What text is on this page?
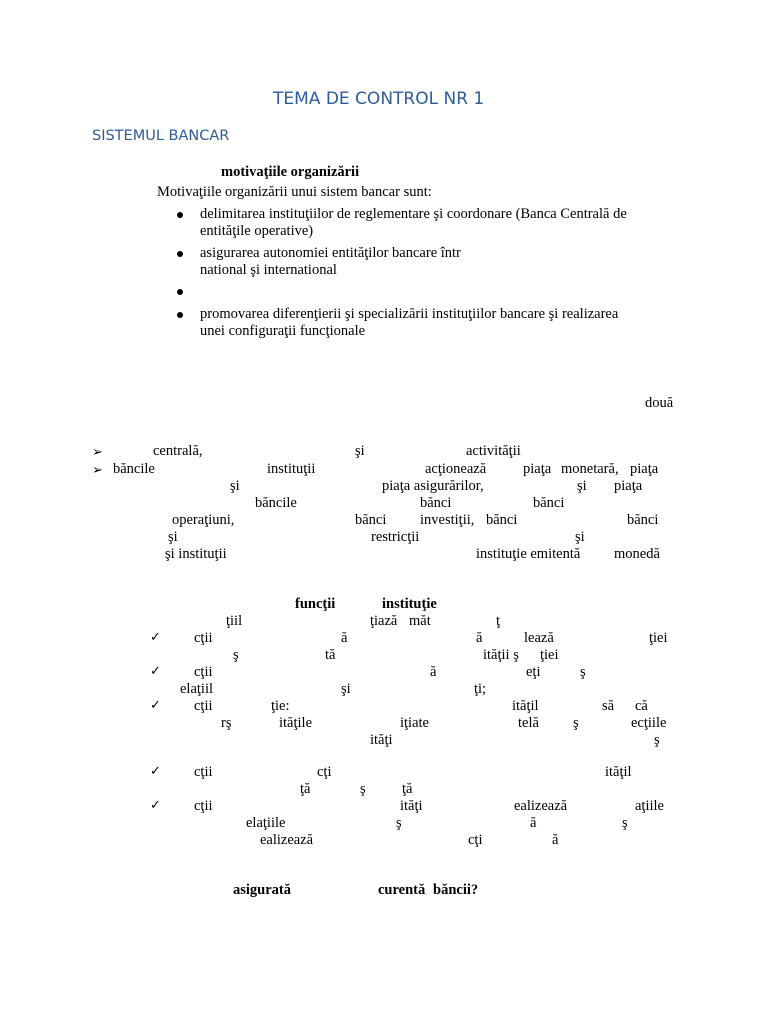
TEMA DE CONTROL NR 1
SISTEMUL BANCAR
motivaţiile organizării
Motivaţiile organizării unui sistem bancar sunt:
delimitarea instituţiilor de reglementare şi coordonare (Banca Centrală de
entităţile operative)
asigurarea autonomiei entităţilor bancare într
national şi international
promovarea diferenţierii şi specializării instituţiilor bancare şi realizarea
unei configuraţii funcţionale
două
➢	centrală,	şi	activităţii
➢ băncile	instituţii	acţionează	piaţa monetară, piaţa
şi	piaţa asigurărilor,	şi piaţa
băncile	bănci	bănci
operaţiuni,	bănci investiţii, bănci	bănci
şi	restricţii	şi
şi instituţii	instituţie emitentă monedă
funcţii	instituţie
ţiil	ţiază măt	ţ
✓ cţii	ă	ă	lează	ţiei
ş	tă	ităţii ş ţiei
✓ cţii	ă	eţi	ş
elaţiil	şi	ţi;
✓ cţii	ţie:	ităţil	să că
rş	ităţile	iţiate	telă ş	ecţiile
ităţi	ş
✓ cţii	cţi	ităţil
ţă	ş	ţă
✓ cţii	ităţi	ealizează	aţiile
elaţiile	ş	ă	ş
ealizează	cţi	ă
asigurată	curentă băncii?
